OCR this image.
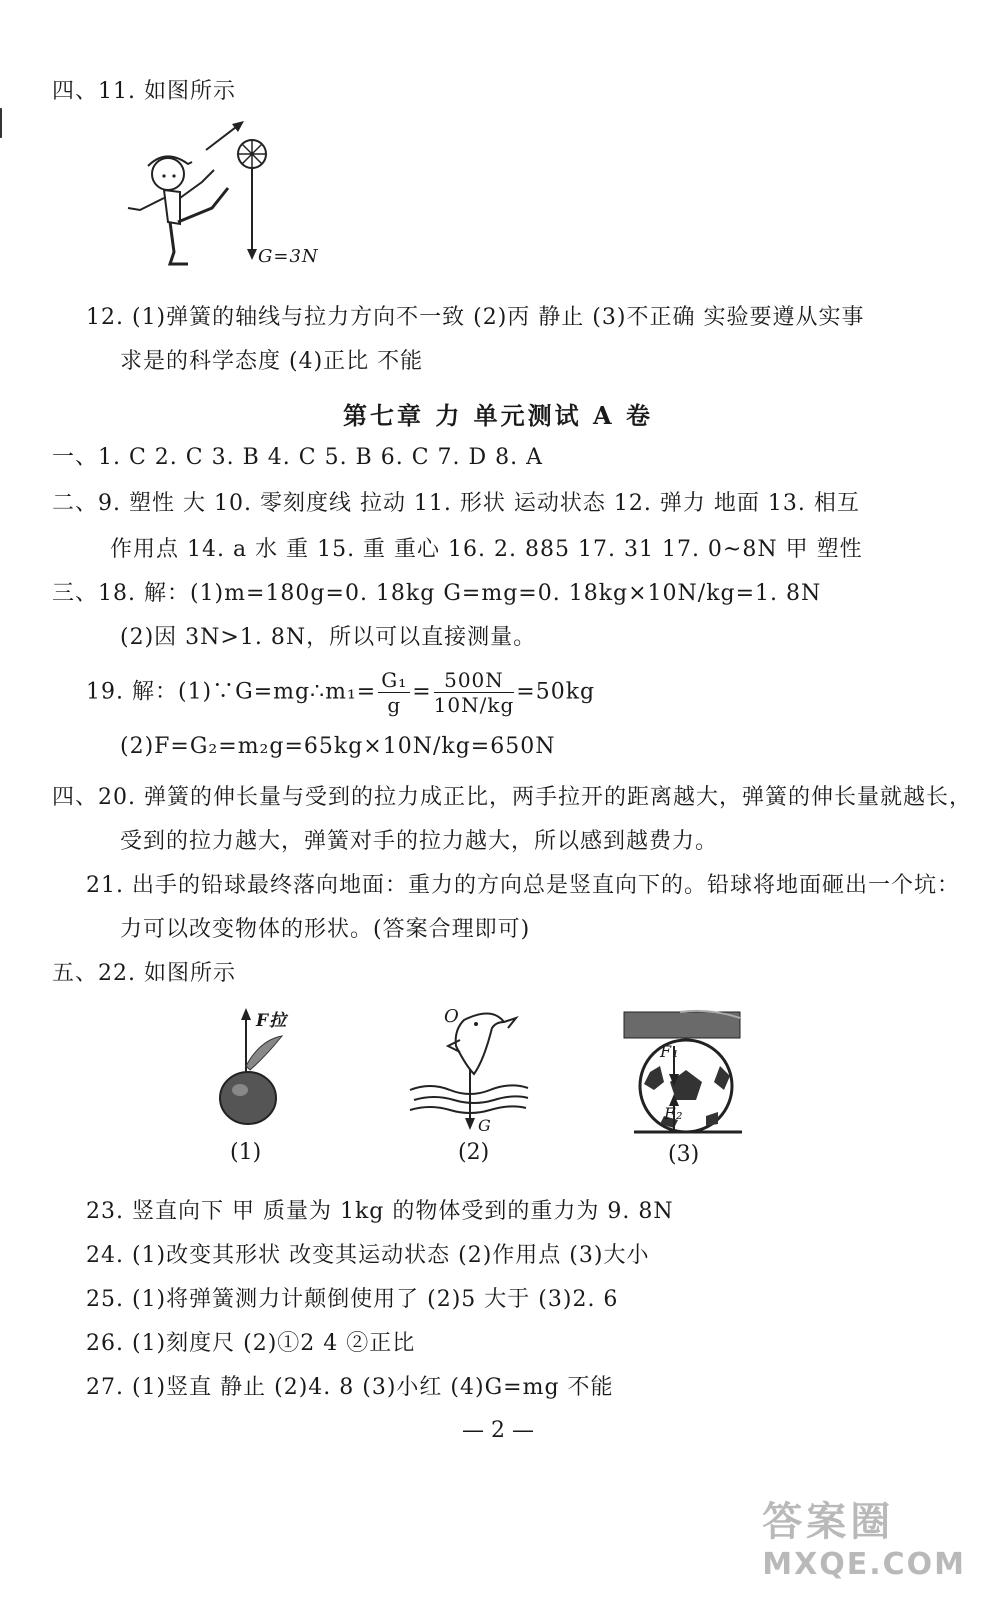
四、11. 如图所示
G=3N
12. (1)弹簧的轴线与拉力方向不一致 (2)丙 静止 (3)不正确 实验要遵从实事
求是的科学态度 (4)正比 不能
第七章 力 单元测试 A 卷
一、1. C 2. C 3. B 4. C 5. B 6. C 7. D 8. A
二、9. 塑性 大 10. 零刻度线 拉动 11. 形状 运动状态 12. 弹力 地面 13. 相互
作用点 14. a 水 重 15. 重 重心 16. 2. 885 17. 31 17. 0~8N 甲 塑性
三、18. 解：(1)m=180g=0. 18kg G=mg=0. 18kg×10N/kg=1. 8N
(2)因 3N>1. 8N，所以可以直接测量。
19. 解：(1)∵G=mg∴m₁= $\frac{\text{G₁}}{g} = \frac{500N}{10N/kg} =50kg$
(2)F=G₂=m₂g=65kg×10N/kg=650N
四、20. 弹簧的伸长量与受到的拉力成正比，两手拉开的距离越大，弹簧的伸长量就越长，
受到的拉力越大，弹簧对手的拉力越大，所以感到越费力。
21. 出手的铅球最终落向地面：重力的方向总是竖直向下的。铅球将地面砸出一个坑：
力可以改变物体的形状。(答案合理即可)
五、22. 如图所示
F拉	O
G
F₁
F₂
(1)	(2)	(3)
23. 竖直向下 甲 质量为 1kg 的物体受到的重力为 9. 8N
24. (1)改变其形状 改变其运动状态 (2)作用点 (3)大小
25. (1)将弹簧测力计颠倒使用了 (2)5 大于 (3)2. 6
26. (1)刻度尺 (2)①2 4 ②正比
27. (1)竖直 静止 (2)4. 8 (3)小红 (4)G=mg 不能
— 2 —
答案圈
MXQE.COM
